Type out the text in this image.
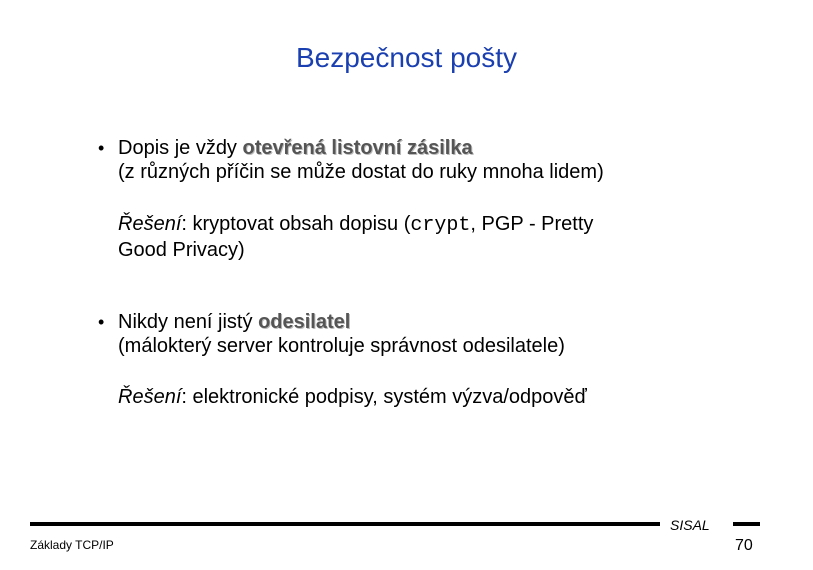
Bezpečnost pošty
• Dopis je vždy otevřená listovní zásilka
(z různých příčin se může dostat do ruky mnoha lidem)
Řešení: kryptovat obsah dopisu (crypt, PGP - Pretty
Good Privacy)
• Nikdy není jistý odesilatel
(málokterý server kontroluje správnost odesilatele)
Řešení: elektronické podpisy, systém výzva/odpověď
SISAL
Základy TCP/IP	70
